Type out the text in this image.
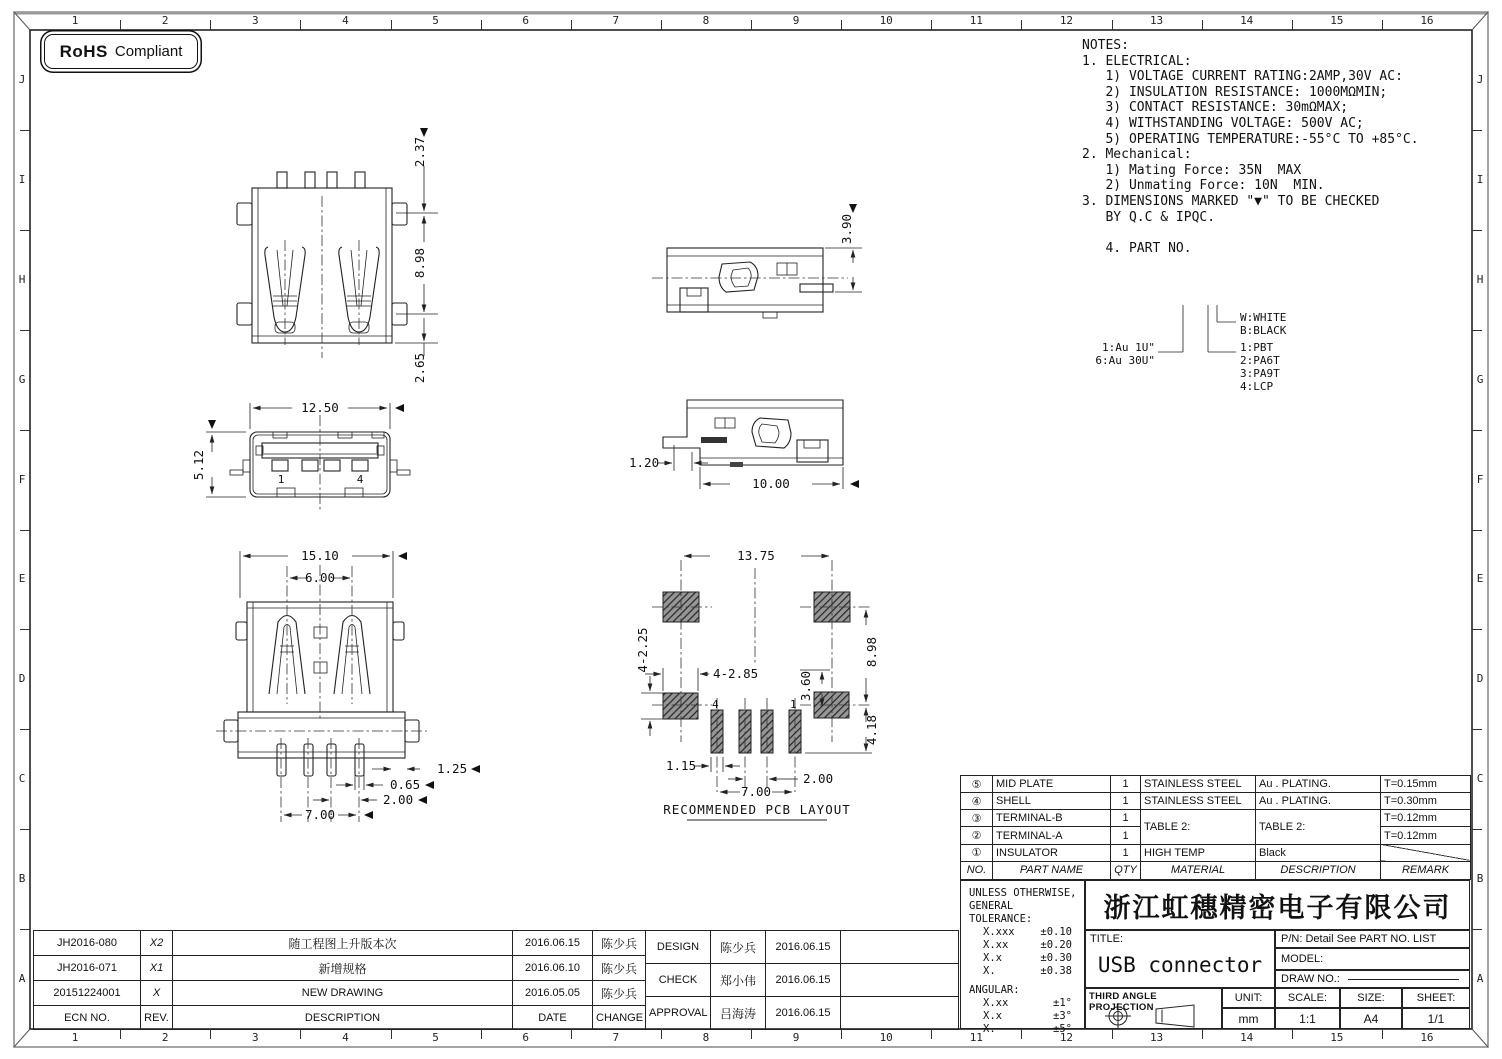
RoHS Compliant	NOTES:
1. ELECTRICAL:
1) VOLTAGE CURRENT RATING:2AMP,30V AC:
2) INSULATION RESISTANCE: 1000MΩMIN;
3) CONTACT RESISTANCE: 30mΩMAX;
4) WITHSTANDING VOLTAGE: 500V AC;
5) OPERATING TEMPERATURE:-55°C TO +85°C.
2. Mechanical:
1) Mating Force: 35N  MAX
2) Unmating Force: 10N  MIN.
3. DIMENSIONS MARKED "▼" TO BE CHECKED
BY Q.C & IPQC.

4. PART NO.
1:Au 1U"
6:Au 30U"
W:WHITE
B:BLACK
1:PBT
2:PA6T
3:PA9T
4:LCP
2.37
8.98
2.65
1	4
12.50
5.12
15.10
6.00
1.25
0.65
2.00
7.00
3.90
1.20
10.00
13.75
4-2.25
4-2.85	3.60
8.98
4.18
1.15
2.00
7.00
4	1
RECOMMENDED PCB LAYOUT
⑤	MID PLATE	1	STAINLESS STEEL	Au . PLATING.	T=0.15mm
④	SHELL	1	STAINLESS STEEL	Au . PLATING.	T=0.30mm
③	TERMINAL-B	1	TABLE 2:	TABLE 2:	T=0.12mm
②	TERMINAL-A	1			T=0.12mm
①	INSULATOR	1	HIGH TEMP	Black	
NO.	PART NAME	QTY	MATERIAL	DESCRIPTION	REMARK
UNLESS OTHERWISE,
GENERAL TOLERANCE:
X.xxx ±0.10
X.xx	±0.20
X.x	±0.30
X.	±0.38
ANGULAR:
X.xx	±1°
X.x	±3°
X.	±5°
浙江虹穗精密电子有限公司
TITLE:
USB connector
P/N: Detail See PART NO. LIST
MODEL:
DRAW NO.:
THIRD ANGLE PROJECTION
UNIT:
mm
SCALE:
1:1
SIZE:
A4
SHEET:
1/1
JH2016-080	X2	随工程图上升版本次	2016.06.15	陈少兵
JH2016-071	X1	新增规格	2016.06.10	陈少兵
20151224001	X	NEW DRAWING	2016.05.05	陈少兵
ECN NO.	REV.	DESCRIPTION	DATE	CHANGE
DESIGN	陈少兵	2016.06.15	
CHECK	郑小伟	2016.06.15	
APPROVAL	吕海涛	2016.06.15	
1
1
2
2
3
3
4
4
5
5
6
6
7
7
8
8
9
9
10
10
11
11
12
12
13
13
14
14
15
15
16
16
J	J
I	I
H	H
G	G
F	F
E	E
D	D
C	C
B	B
A	A
